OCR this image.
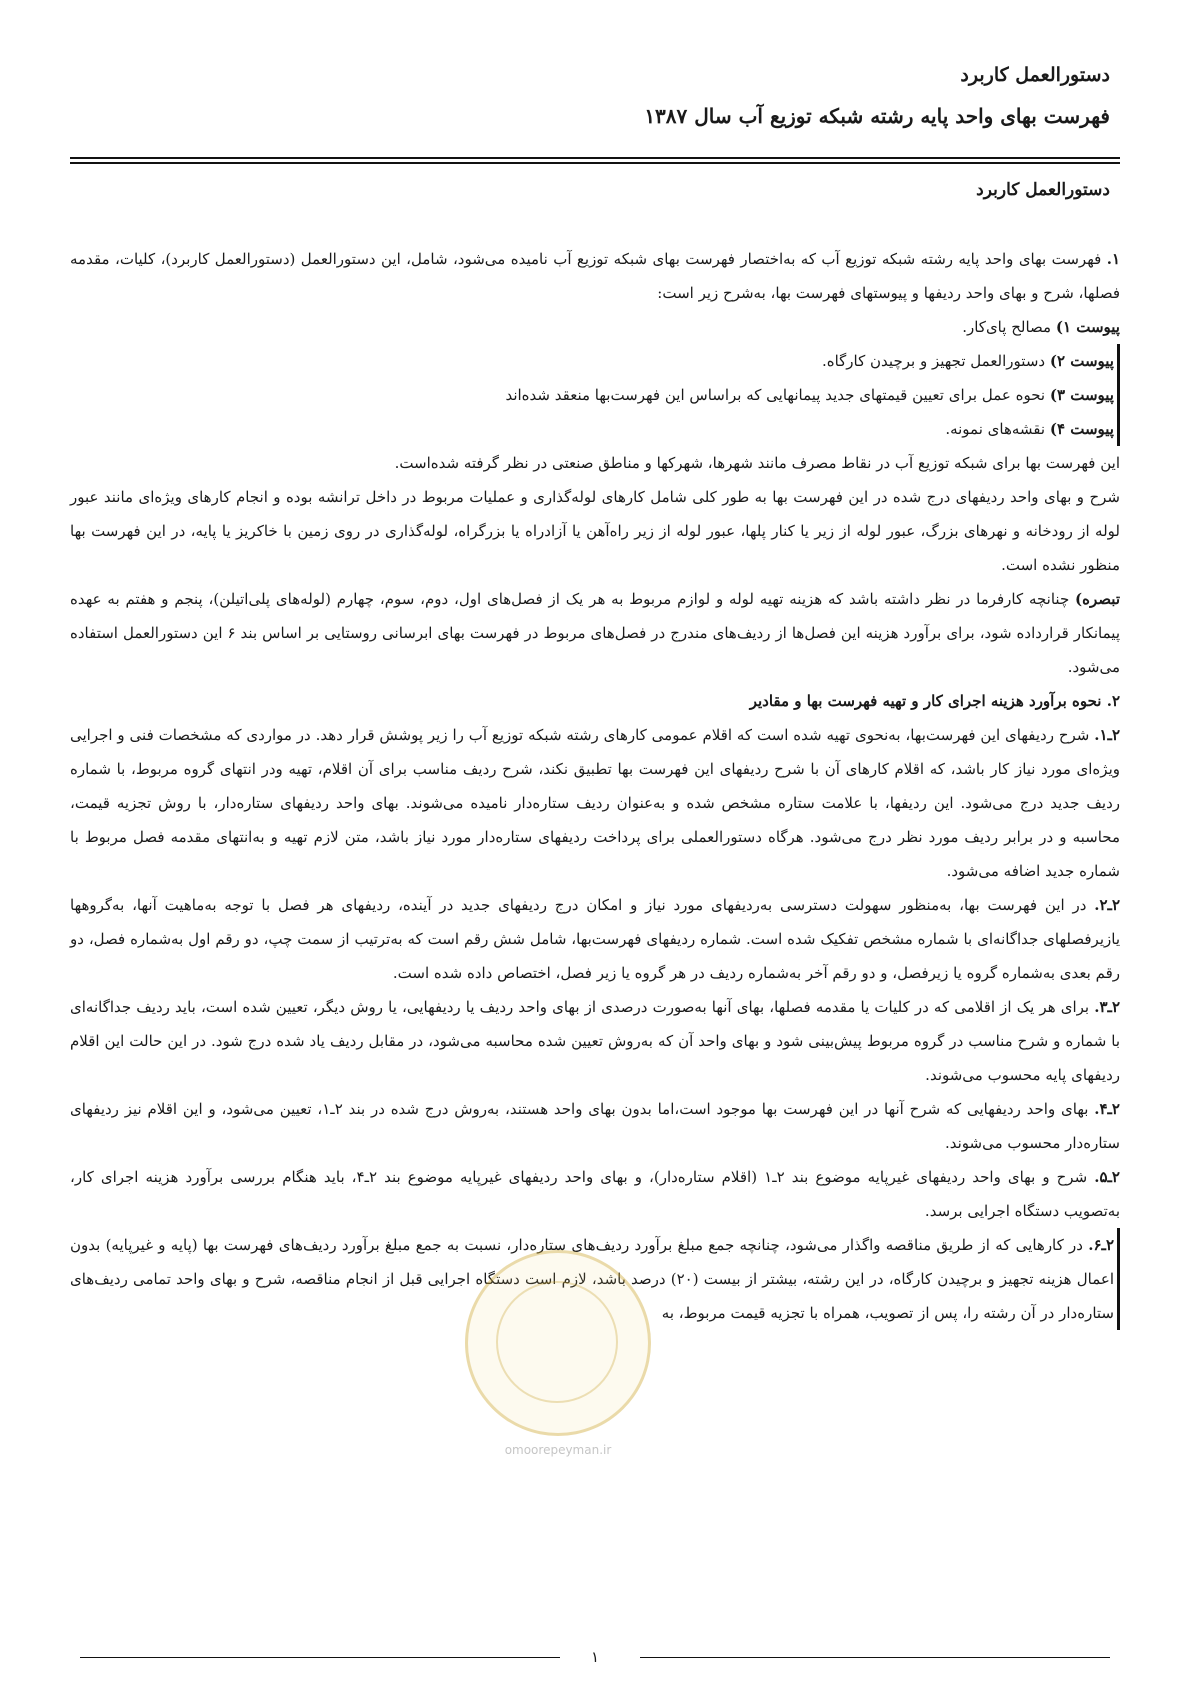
دستورالعمل کاربرد
فهرست بهای واحد پایه رشته شبکه توزیع آب سال ۱۳۸۷
دستورالعمل کاربرد

۱. فهرست بهای واحد پایه رشته شبکه توزیع آب که به‌اختصار فهرست بهای شبکه توزیع آب نامیده می‌شود، شامل، این دستورالعمل (دستورالعمل کاربرد)، کلیات، مقدمه فصلها، شرح و بهای واحد ردیفها و پیوستهای فهرست بها، به‌شرح زیر است:

پیوست ۱) مصالح پای‌کار.

پیوست ۲) دستورالعمل تجهیز و برچیدن کارگاه.

پیوست ۳) نحوه عمل برای تعیین قیمتهای جدید پیمانهایی که براساس این فهرست‌بها منعقد شده‌اند

پیوست ۴) نقشه‌های نمونه.

این فهرست بها برای شبکه توزیع آب در نقاط مصرف مانند شهرها، شهرکها و مناطق صنعتی در نظر گرفته شده‌است.

شرح و بهای واحد ردیفهای درج شده در این فهرست بها به طور کلی شامل کارهای لوله‌گذاری و عملیات مربوط در داخل ترانشه بوده و انجام کارهای ویژه‌ای مانند عبور لوله از رودخانه و نهرهای بزرگ، عبور لوله از زیر یا کنار پلها، عبور لوله از زیر راه‌آهن یا آزادراه یا بزرگراه، لوله‌گذاری در روی زمین با خاکریز یا پایه، در این فهرست بها منظور نشده است.

تبصره) چنانچه کارفرما در نظر داشته باشد که هزینه تهیه لوله و لوازم مربوط به هر یک از فصل‌های اول، دوم، سوم، چهارم (لوله‌های پلی‌اتیلن)، پنجم و هفتم به عهده پیمانکار قرارداده شود، برای برآورد هزینه این فصل‌ها از ردیف‌های مندرج در فصل‌های مربوط در فهرست بهای ابرسانی روستایی بر اساس بند ۶ این دستورالعمل استفاده می‌شود.

۲. نحوه برآورد هزینه اجرای کار و تهیه فهرست بها و مقادیر

۲ـ۱. شرح ردیفهای این فهرست‌بها، به‌نحوی تهیه شده است که اقلام عمومی کارهای رشته شبکه توزیع آب را زیر پوشش قرار دهد. در مواردی که مشخصات فنی و اجرایی ویژه‌ای مورد نیاز کار باشد، که اقلام کارهای آن با شرح ردیفهای این فهرست بها تطبیق نکند، شرح ردیف مناسب برای آن اقلام، تهیه ودر انتهای گروه مربوط، با شماره ردیف جدید درج می‌شود. این ردیفها، با علامت ستاره مشخص شده و به‌عنوان ردیف ستاره‌دار نامیده می‌شوند. بهای واحد ردیفهای ستاره‌دار، با روش تجزیه قیمت، محاسبه و در برابر ردیف مورد نظر درج می‌شود. هرگاه دستورالعملی برای پرداخت ردیفهای ستاره‌دار مورد نیاز باشد، متن لازم تهیه و به‌انتهای مقدمه فصل مربوط با شماره جدید اضافه می‌شود.

۲ـ۲. در این فهرست بها، به‌منظور سهولت دسترسی به‌ردیفهای مورد نیاز و امکان درج ردیفهای جدید در آینده، ردیفهای هر فصل با توجه به‌ماهیت آنها، به‌گروهها یازیرفصلهای جداگانه‌ای با شماره مشخص تفکیک شده است. شماره ردیفهای فهرست‌بها، شامل شش رقم است که به‌ترتیب از سمت چپ، دو رقم اول به‌شماره فصل، دو رقم بعدی به‌شماره گروه یا زیرفصل، و دو رقم آخر به‌شماره ردیف در هر گروه یا زیر فصل، اختصاص داده شده است.

۲ـ۳. برای هر یک از اقلامی که در کلیات یا مقدمه فصلها، بهای آنها به‌صورت درصدی از بهای واحد ردیف یا ردیفهایی، یا روش دیگر، تعیین شده است، باید ردیف جداگانه‌ای با شماره و شرح مناسب در گروه مربوط پیش‌بینی شود و بهای واحد آن که به‌روش تعیین شده محاسبه می‌شود، در مقابل ردیف یاد شده درج شود. در این حالت این اقلام ردیفهای پایه محسوب می‌شوند.

۲ـ۴. بهای واحد ردیفهایی که شرح آنها در این فهرست بها موجود است،اما بدون بهای واحد هستند، به‌روش درج شده در بند ۲ـ۱، تعیین می‌شود، و این اقلام نیز ردیفهای ستاره‌دار محسوب می‌شوند.

۲ـ۵. شرح و بهای واحد ردیفهای غیرپایه موضوع بند ۲ـ۱ (اقلام ستاره‌دار)، و بهای واحد ردیفهای غیرپایه موضوع بند ۲ـ۴، باید هنگام بررسی برآورد هزینه اجرای کار، به‌تصویب دستگاه اجرایی برسد.

۲ـ۶. در کارهایی که از طریق مناقصه واگذار می‌شود، چنانچه جمع مبلغ برآورد ردیف‌های ستاره‌دار، نسبت به جمع مبلغ برآورد ردیف‌های فهرست بها (پایه و غیرپایه) بدون اعمال هزینه تجهیز و برچیدن کارگاه، در این رشته، بیشتر از بیست (۲۰) درصد باشد، لازم است دستگاه اجرایی قبل از انجام مناقصه، شرح و بهای واحد تمامی ردیف‌های ستاره‌دار در آن رشته را، پس از تصویب، همراه با تجزیه قیمت مربوط، به

omoorepeyman.ir
۱
